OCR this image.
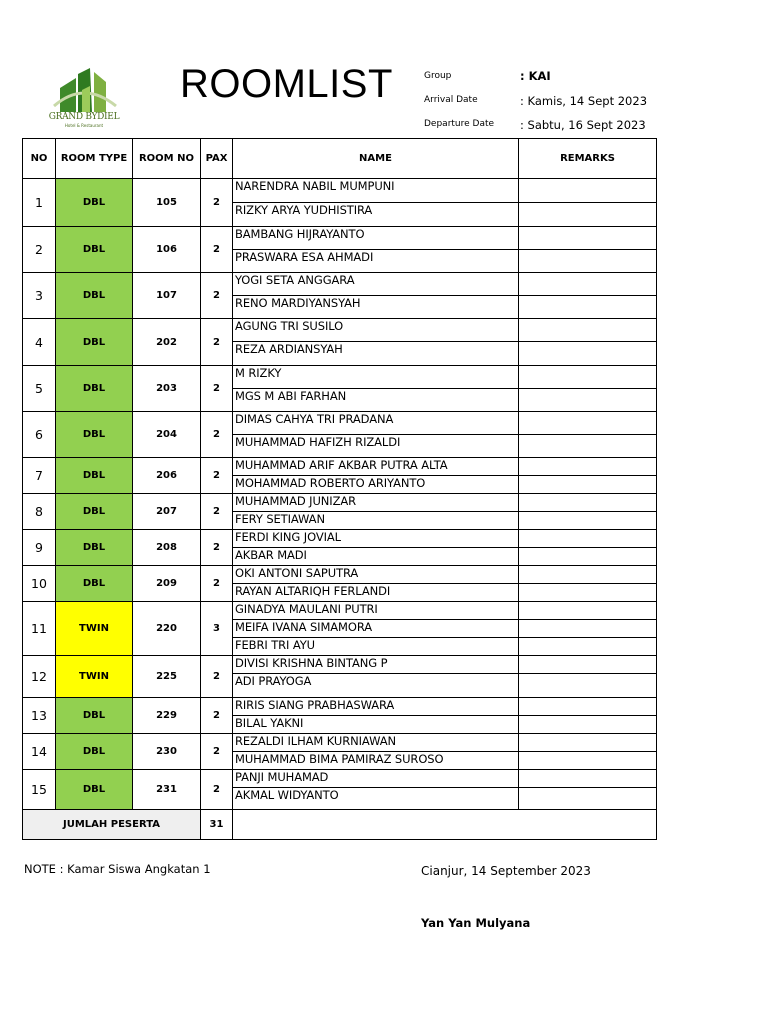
GRAND BYDIEL
Hotel & Restaurant
ROOMLIST	Group	: KAI
Arrival Date	: Kamis, 14 Sept 2023
Departure Date : Sabtu, 16 Sept 2023
NO	ROOM TYPE	ROOM NO	PAX	NAME	REMARKS
1	DBL	105	2	NARENDRA NABIL MUMPUNI	
				RIZKY ARYA YUDHISTIRA	
2	DBL	106	2	BAMBANG HIJRAYANTO	
				PRASWARA ESA AHMADI	
3	DBL	107	2	YOGI SETA ANGGARA	
				RENO MARDIYANSYAH	
4	DBL	202	2	AGUNG TRI SUSILO	
				REZA ARDIANSYAH	
5	DBL	203	2	M RIZKY	
				MGS M ABI FARHAN	
6	DBL	204	2	DIMAS CAHYA TRI PRADANA	
				MUHAMMAD HAFIZH RIZALDI	
7	DBL	206	2	MUHAMMAD ARIF AKBAR PUTRA ALTA	
				MOHAMMAD ROBERTO ARIYANTO	
8	DBL	207	2	MUHAMMAD JUNIZAR	
				FERY SETIAWAN	
9	DBL	208	2	FERDI KING JOVIAL	
				AKBAR MADI	
10	DBL	209	2	OKI ANTONI SAPUTRA	
				RAYAN ALTARIQH FERLANDI	
11	TWIN	220	3	GINADYA MAULANI PUTRI	
				MEIFA IVANA SIMAMORA	
				FEBRI TRI AYU	
12	TWIN	225	2	DIVISI KRISHNA BINTANG P	
				ADI PRAYOGA	
13	DBL	229	2	RIRIS SIANG PRABHASWARA	
				BILAL YAKNI	
14	DBL	230	2	REZALDI ILHAM KURNIAWAN	
				MUHAMMAD BIMA PAMIRAZ SUROSO	
15	DBL	231	2	PANJI MUHAMAD	
				AKMAL WIDYANTO	
JUMLAH PESERTA			31		
NOTE : Kamar Siswa Angkatan 1	Cianjur, 14 September 2023
Yan Yan Mulyana
